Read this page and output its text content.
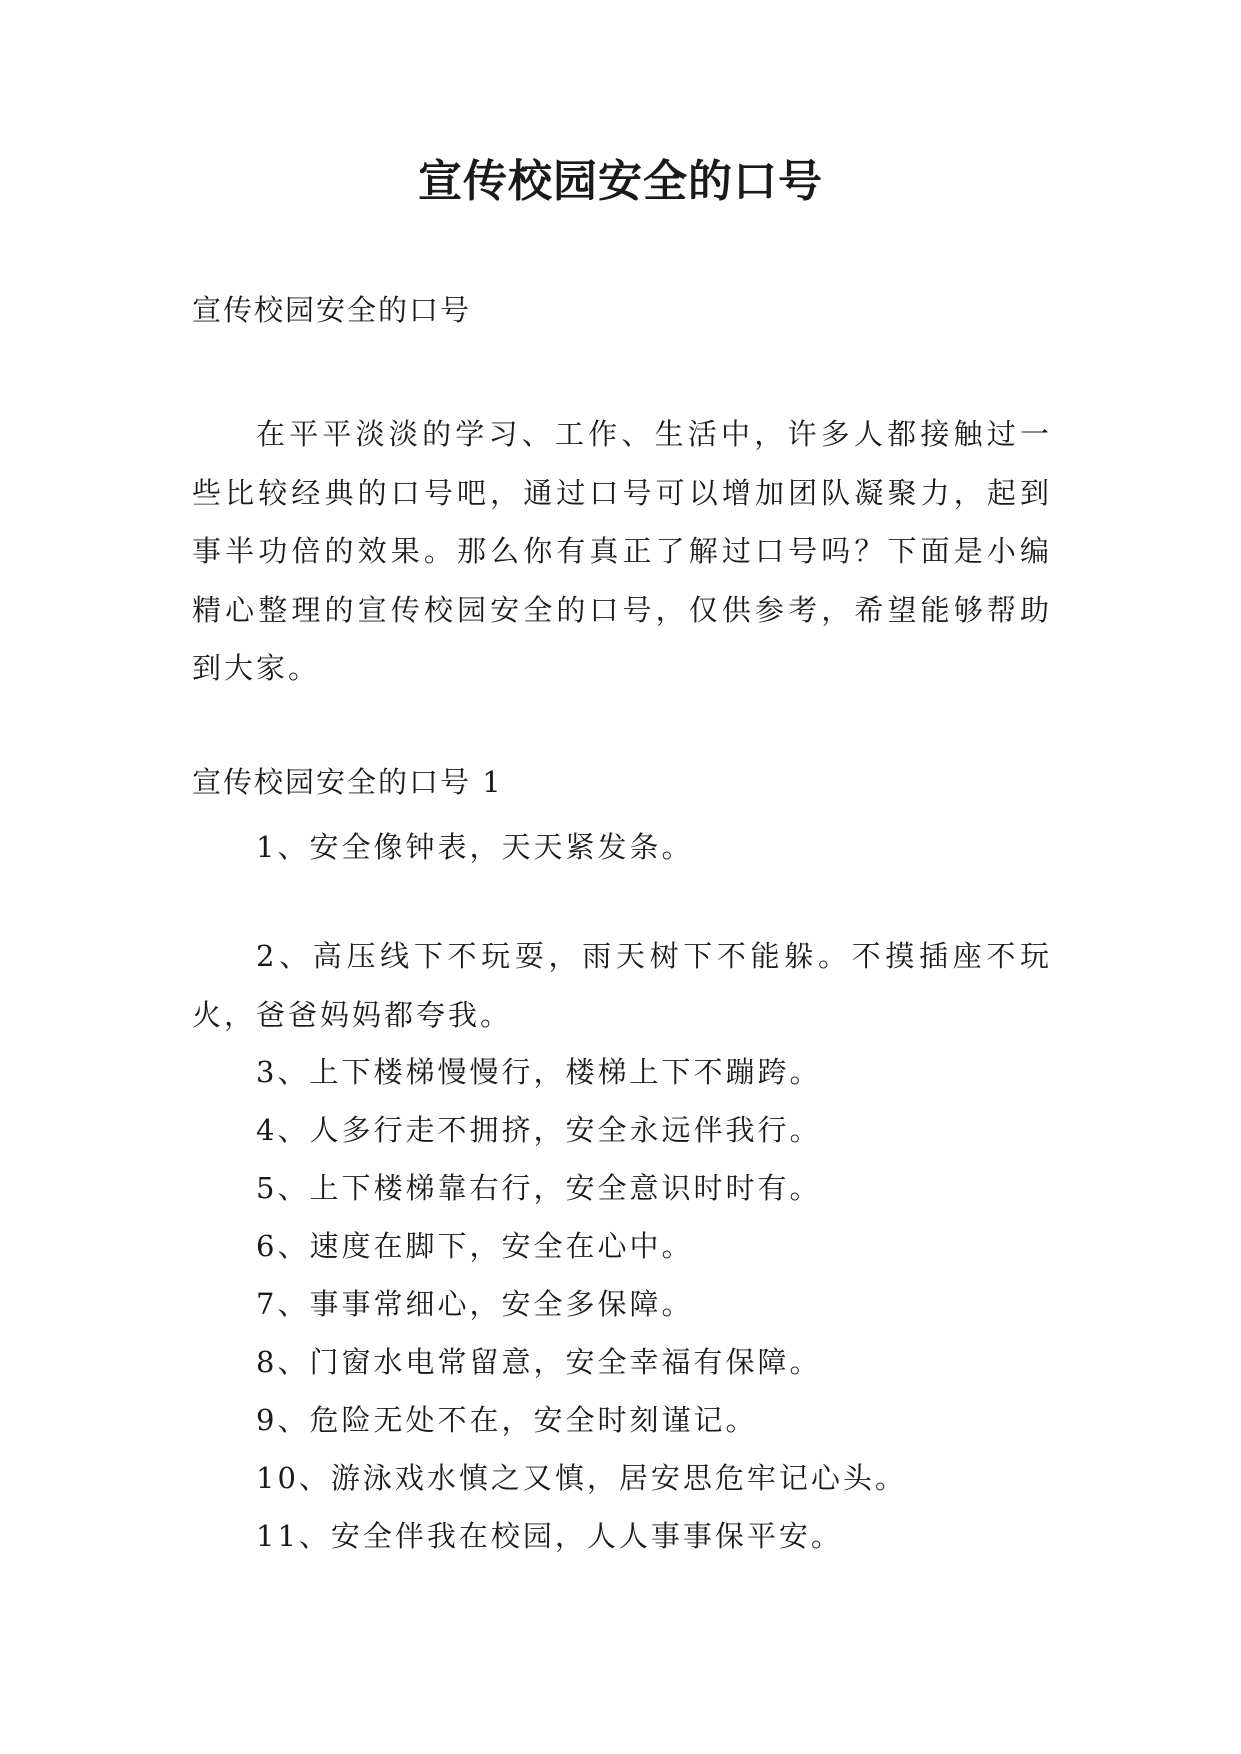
宣传校园安全的口号
宣传校园安全的口号

在平平淡淡的学习、工作、生活中，许多人都接触过一些比较经典的口号吧，通过口号可以增加团队凝聚力，起到事半功倍的效果。那么你有真正了解过口号吗？下面是小编精心整理的宣传校园安全的口号，仅供参考，希望能够帮助到大家。

宣传校园安全的口号 1
1、安全像钟表，天天紧发条。
2、高压线下不玩耍，雨天树下不能躲。不摸插座不玩火，爸爸妈妈都夸我。
3、上下楼梯慢慢行，楼梯上下不蹦跨。
4、人多行走不拥挤，安全永远伴我行。
5、上下楼梯靠右行，安全意识时时有。
6、速度在脚下，安全在心中。
7、事事常细心，安全多保障。
8、门窗水电常留意，安全幸福有保障。
9、危险无处不在，安全时刻谨记。
10、游泳戏水慎之又慎，居安思危牢记心头。
11、安全伴我在校园，人人事事保平安。
